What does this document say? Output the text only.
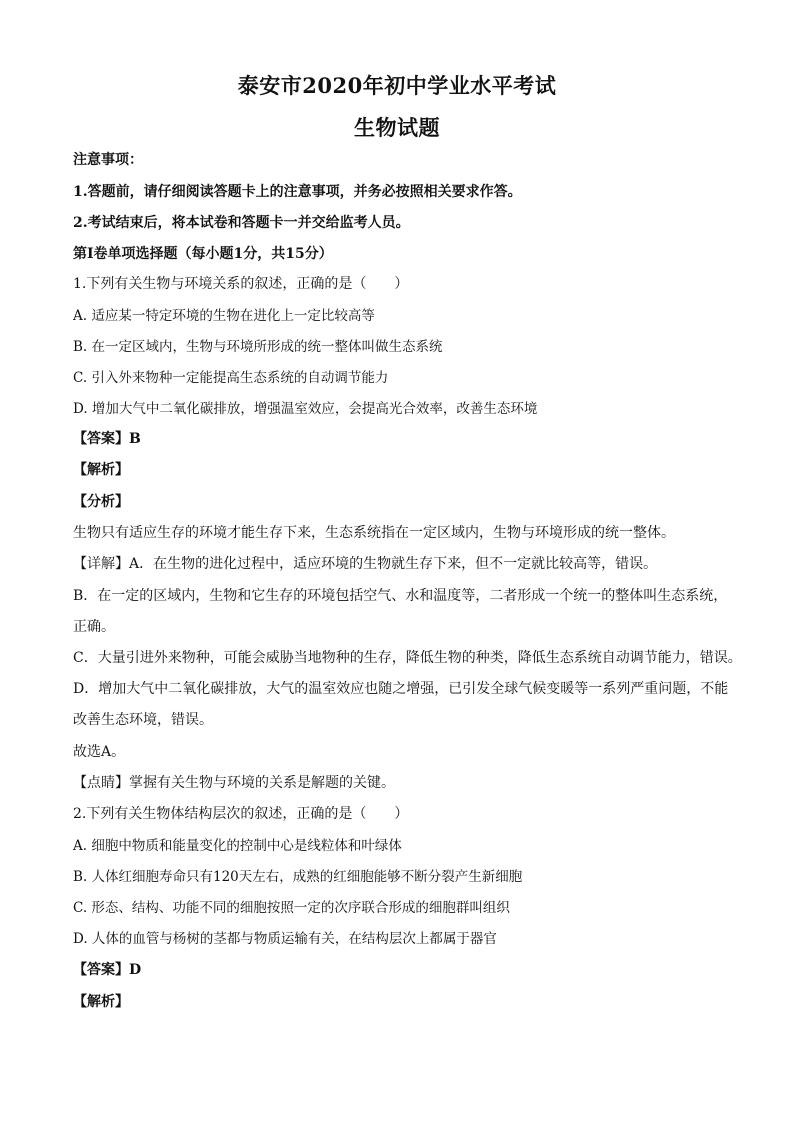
泰安市2020年初中学业水平考试
生物试题
注意事项：
1.答题前，请仔细阅读答题卡上的注意事项，并务必按照相关要求作答。
2.考试结束后，将本试卷和答题卡一并交给监考人员。
第Ⅰ卷单项选择题（每小题1分，共15分）
1.下列有关生物与环境关系的叙述，正确的是（　　）
A. 适应某一特定环境的生物在进化上一定比较高等
B. 在一定区域内，生物与环境所形成的统一整体叫做生态系统
C. 引入外来物种一定能提高生态系统的自动调节能力
D. 增加大气中二氧化碳排放，增强温室效应，会提高光合效率，改善生态环境
【答案】B
【解析】
【分析】
生物只有适应生存的环境才能生存下来，生态系统指在一定区域内，生物与环境形成的统一整体。
【详解】A．在生物的进化过程中，适应环境的生物就生存下来，但不一定就比较高等，错误。
B．在一定的区域内，生物和它生存的环境包括空气、水和温度等，二者形成一个统一的整体叫生态系统，
正确。
C．大量引进外来物种，可能会威胁当地物种的生存，降低生物的种类，降低生态系统自动调节能力，错误。
D．增加大气中二氧化碳排放，大气的温室效应也随之增强，已引发全球气候变暖等一系列严重问题，不能
改善生态环境，错误。
故选A。
【点睛】掌握有关生物与环境的关系是解题的关键。
2.下列有关生物体结构层次的叙述，正确的是（　　）
A. 细胞中物质和能量变化的控制中心是线粒体和叶绿体
B. 人体红细胞寿命只有120天左右，成熟的红细胞能够不断分裂产生新细胞
C. 形态、结构、功能不同的细胞按照一定的次序联合形成的细胞群叫组织
D. 人体的血管与杨树的茎都与物质运输有关，在结构层次上都属于器官
【答案】D
【解析】
